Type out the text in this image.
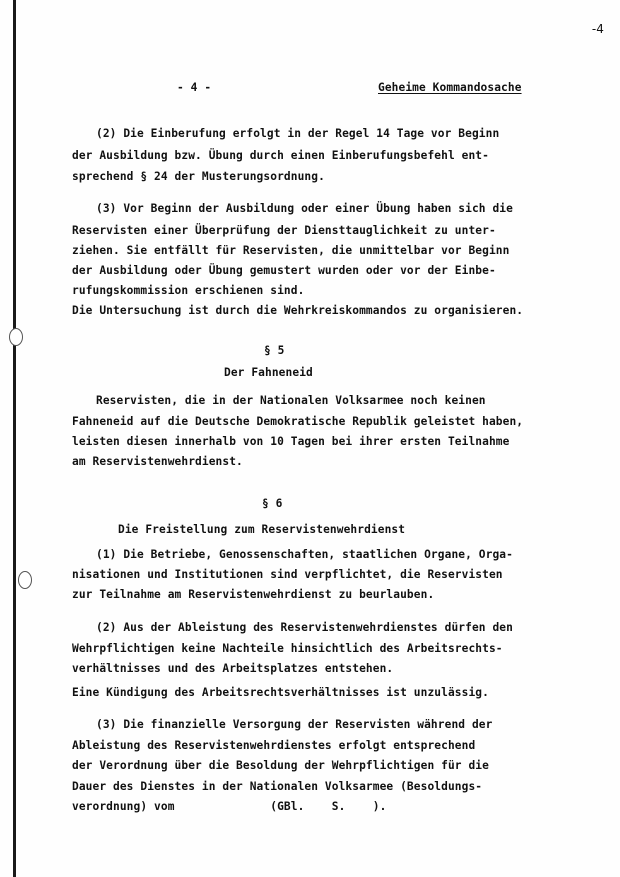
-4
- 4 -	Geheime Kommandosache
(2) Die Einberufung erfolgt in der Regel 14 Tage vor Beginn
der Ausbildung bzw. Übung durch einen Einberufungsbefehl ent-
sprechend § 24 der Musterungsordnung.
(3) Vor Beginn der Ausbildung oder einer Übung haben sich die
Reservisten einer Überprüfung der Diensttauglichkeit zu unter-
ziehen. Sie entfällt für Reservisten, die unmittelbar vor Beginn
der Ausbildung oder Übung gemustert wurden oder vor der Einbe-
rufungskommission erschienen sind.
Die Untersuchung ist durch die Wehrkreiskommandos zu organisieren.
§ 5
Der Fahneneid
Reservisten, die in der Nationalen Volksarmee noch keinen
Fahneneid auf die Deutsche Demokratische Republik geleistet haben,
leisten diesen innerhalb von 10 Tagen bei ihrer ersten Teilnahme
am Reservistenwehrdienst.
§ 6
Die Freistellung zum Reservistenwehrdienst
(1) Die Betriebe, Genossenschaften, staatlichen Organe, Orga-
nisationen und Institutionen sind verpflichtet, die Reservisten
zur Teilnahme am Reservistenwehrdienst zu beurlauben.
(2) Aus der Ableistung des Reservistenwehrdienstes dürfen den
Wehrpflichtigen keine Nachteile hinsichtlich des Arbeitsrechts-
verhältnisses und des Arbeitsplatzes entstehen.
Eine Kündigung des Arbeitsrechtsverhältnisses ist unzulässig.
(3) Die finanzielle Versorgung der Reservisten während der
Ableistung des Reservistenwehrdienstes erfolgt entsprechend
der Verordnung über die Besoldung der Wehrpflichtigen für die
Dauer des Dienstes in der Nationalen Volksarmee (Besoldungs-
verordnung) vom              (GBl.    S.    ).
